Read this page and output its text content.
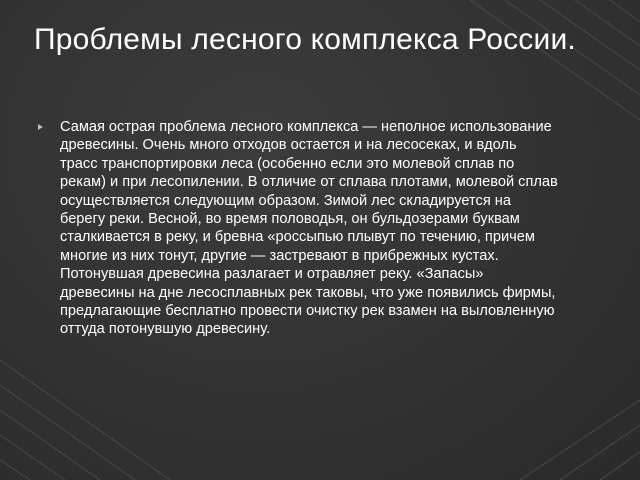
Проблемы лесного комплекса России.
Самая острая проблема лесного комплекса — неполное использование древесины. Очень много отходов остается и на лесосеках, и вдоль трасс транспортировки леса (особенно если это молевой сплав по рекам) и при лесопилении. В отличие от сплава плотами, молевой сплав осуществляется следующим образом. Зимой лес складируется на берегу реки. Весной, во время половодья, он бульдозерами буквам сталкивается в реку, и бревна «россыпью плывут по течению, причем многие из них тонут, другие — застревают в прибрежных кустах. Потонувшая древесина разлагает и отравляет реку. «Запасы» древесины на дне лесосплавных рек таковы, что уже появились фирмы, предлагающие бесплатно провести очистку рек взамен на выловленную оттуда потонувшую древесину.
